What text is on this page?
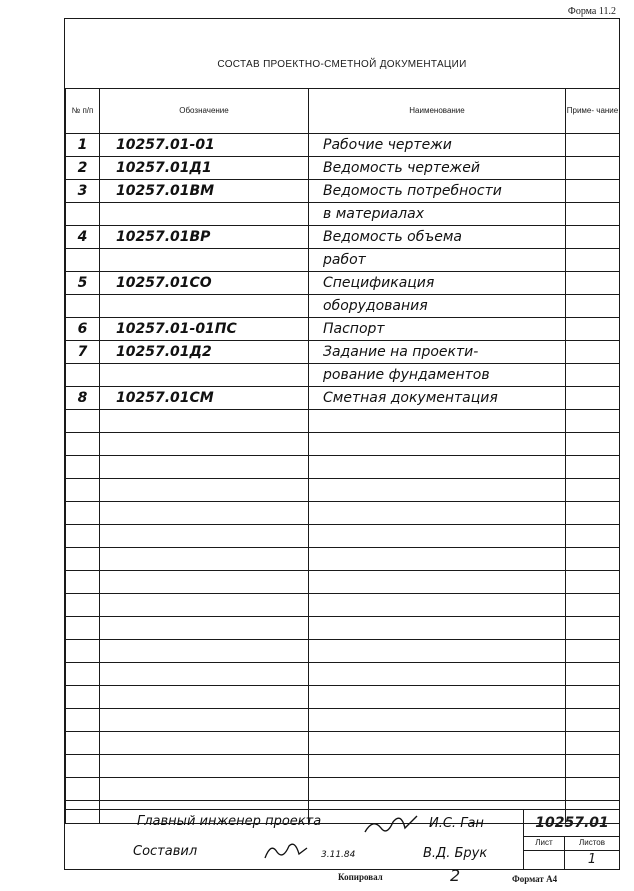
Форма 11.2
СОСТАВ ПРОЕКТНО-СМЕТНОЙ ДОКУМЕНТАЦИИ
№ п/п	Обозначение	Наименование	Приме- чание
1	10257.01-01	Рабочие чертежи	
2	10257.01Д1	Ведомость чертежей	
3	10257.01ВМ	Ведомость потребности	
		в материалах	
4	10257.01ВР	Ведомость объема	
		работ	
5	10257.01СО	Спецификация	
		оборудования	
6	10257.01-01ПС	Паспорт	
7	10257.01Д2	Задание на проекти-	
		рование фундаментов	
8	10257.01СМ	Сметная документация	

Главный инженер проекта	И.С. Ган
Составил	3.11.84	В.Д. Брук
10257.01
Лист	Листов
1
Копировал	2	Формат А4
